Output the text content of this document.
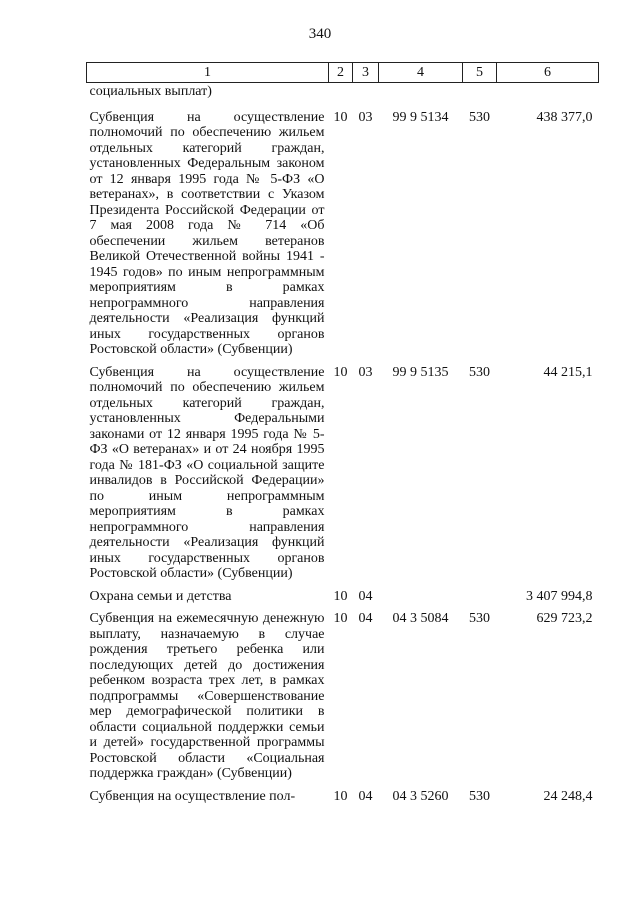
340
1	2	3	4	5	6
социальных выплат)					
Субвенция на осуществление полномочий по обеспечению жильем отдельных категорий граждан, установленных Федеральным законом от 12 января 1995 года № 5-ФЗ «О ветеранах», в соответствии с Указом Президента Российской Федерации от 7 мая 2008 года № 714 «Об обеспечении жильем ветеранов Великой Отечественной войны 1941 - 1945 годов» по иным непрограммным мероприятиям в рамках непрограммного направления деятельности «Реализация функций иных государственных органов Ростовской области» (Субвенции)	10	03	99 9 5134	530	438 377,0
Субвенция на осуществление полномочий по обеспечению жильем отдельных категорий граждан, установленных Федеральными законами от 12 января 1995 года № 5-ФЗ «О ветеранах» и от 24 ноября 1995 года № 181-ФЗ «О социальной защите инвалидов в Российской Федерации» по иным непрограммным мероприятиям в рамках непрограммного направления деятельности «Реализация функций иных государственных органов Ростовской области» (Субвенции)	10	03	99 9 5135	530	44 215,1
Охрана семьи и детства	10	04			3 407 994,8
Субвенция на ежемесячную денежную выплату, назначаемую в случае рождения третьего ребенка или последующих детей до достижения ребенком возраста трех лет, в рамках подпрограммы «Совершенствование мер демографической политики в области социальной поддержки семьи и детей» государственной программы Ростовской области «Социальная поддержка граждан» (Субвенции)	10	04	04 3 5084	530	629 723,2
Субвенция на осуществление пол-	10	04	04 3 5260	530	24 248,4
